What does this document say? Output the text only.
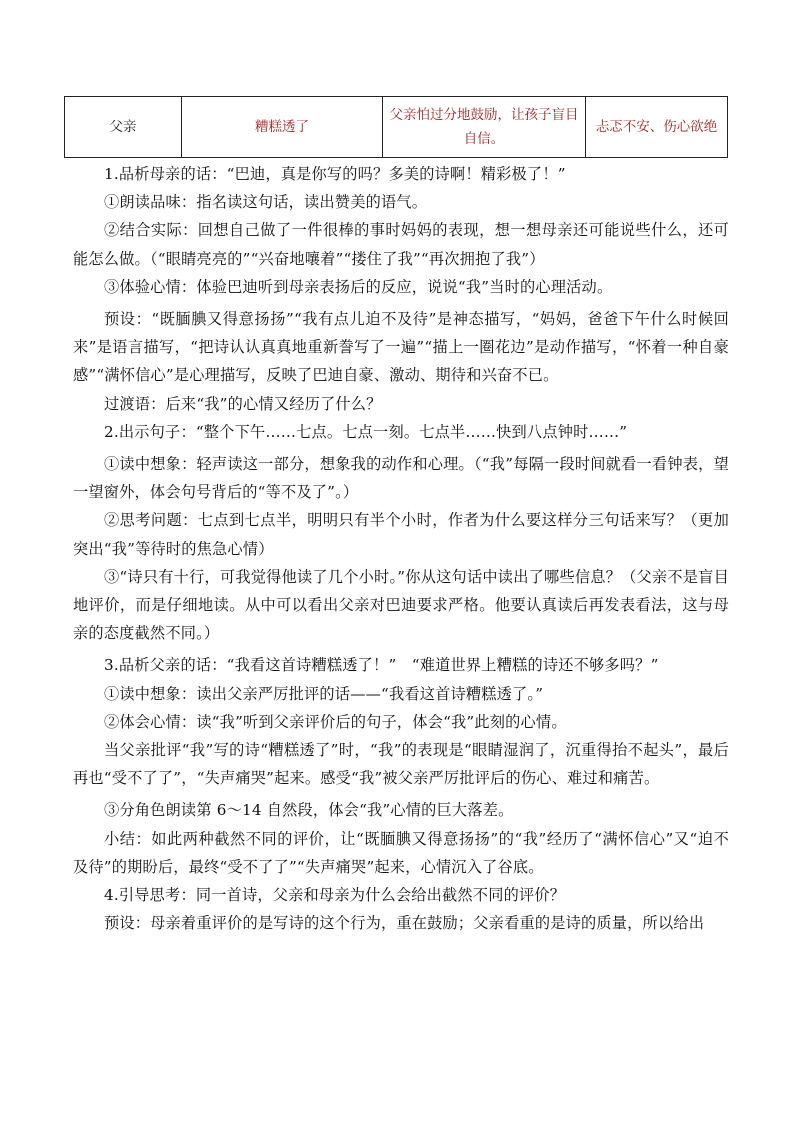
父亲	糟糕透了	父亲怕过分地鼓励，让孩子盲目自信。	忐忑不安、伤心欲绝

1.品析母亲的话：“巴迪，真是你写的吗？多美的诗啊！精彩极了！”

①朗读品味：指名读这句话，读出赞美的语气。

②结合实际：回想自己做了一件很棒的事时妈妈的表现，想一想母亲还可能说些什么，还可能怎么做。（“眼睛亮亮的”“兴奋地嚷着”“搂住了我”“再次拥抱了我”）

③体验心情：体验巴迪听到母亲表扬后的反应，说说“我”当时的心理活动。

预设：“既腼腆又得意扬扬”“我有点儿迫不及待”是神态描写，“妈妈，爸爸下午什么时候回来”是语言描写，“把诗认认真真地重新誊写了一遍”“描上一圈花边”是动作描写，“怀着一种自豪感”“满怀信心”是心理描写，反映了巴迪自豪、激动、期待和兴奋不已。

过渡语：后来“我”的心情又经历了什么？

2.出示句子：“整个下午……七点。七点一刻。七点半……快到八点钟时……”

①读中想象：轻声读这一部分，想象我的动作和心理。（“我”每隔一段时间就看一看钟表，望一望窗外，体会句号背后的“等不及了”。）

②思考问题：七点到七点半，明明只有半个小时，作者为什么要这样分三句话来写？（更加突出“我”等待时的焦急心情）

③“诗只有十行，可我觉得他读了几个小时。”你从这句话中读出了哪些信息？（父亲不是盲目地评价，而是仔细地读。从中可以看出父亲对巴迪要求严格。他要认真读后再发表看法，这与母亲的态度截然不同。）

3.品析父亲的话：“我看这首诗糟糕透了！”　“难道世界上糟糕的诗还不够多吗？”

①读中想象：读出父亲严厉批评的话——“我看这首诗糟糕透了。”

②体会心情：读“我”听到父亲评价后的句子，体会“我”此刻的心情。

当父亲批评“我”写的诗“糟糕透了”时，“我”的表现是“眼睛湿润了，沉重得抬不起头”，最后再也“受不了了”，“失声痛哭”起来。感受“我”被父亲严厉批评后的伤心、难过和痛苦。

③分角色朗读第 6～14 自然段，体会“我”心情的巨大落差。

小结：如此两种截然不同的评价，让“既腼腆又得意扬扬”的“我”经历了“满怀信心”又“迫不及待”的期盼后，最终“受不了了”“失声痛哭”起来，心情沉入了谷底。

4.引导思考：同一首诗，父亲和母亲为什么会给出截然不同的评价？

预设：母亲着重评价的是写诗的这个行为，重在鼓励；父亲看重的是诗的质量，所以给出
